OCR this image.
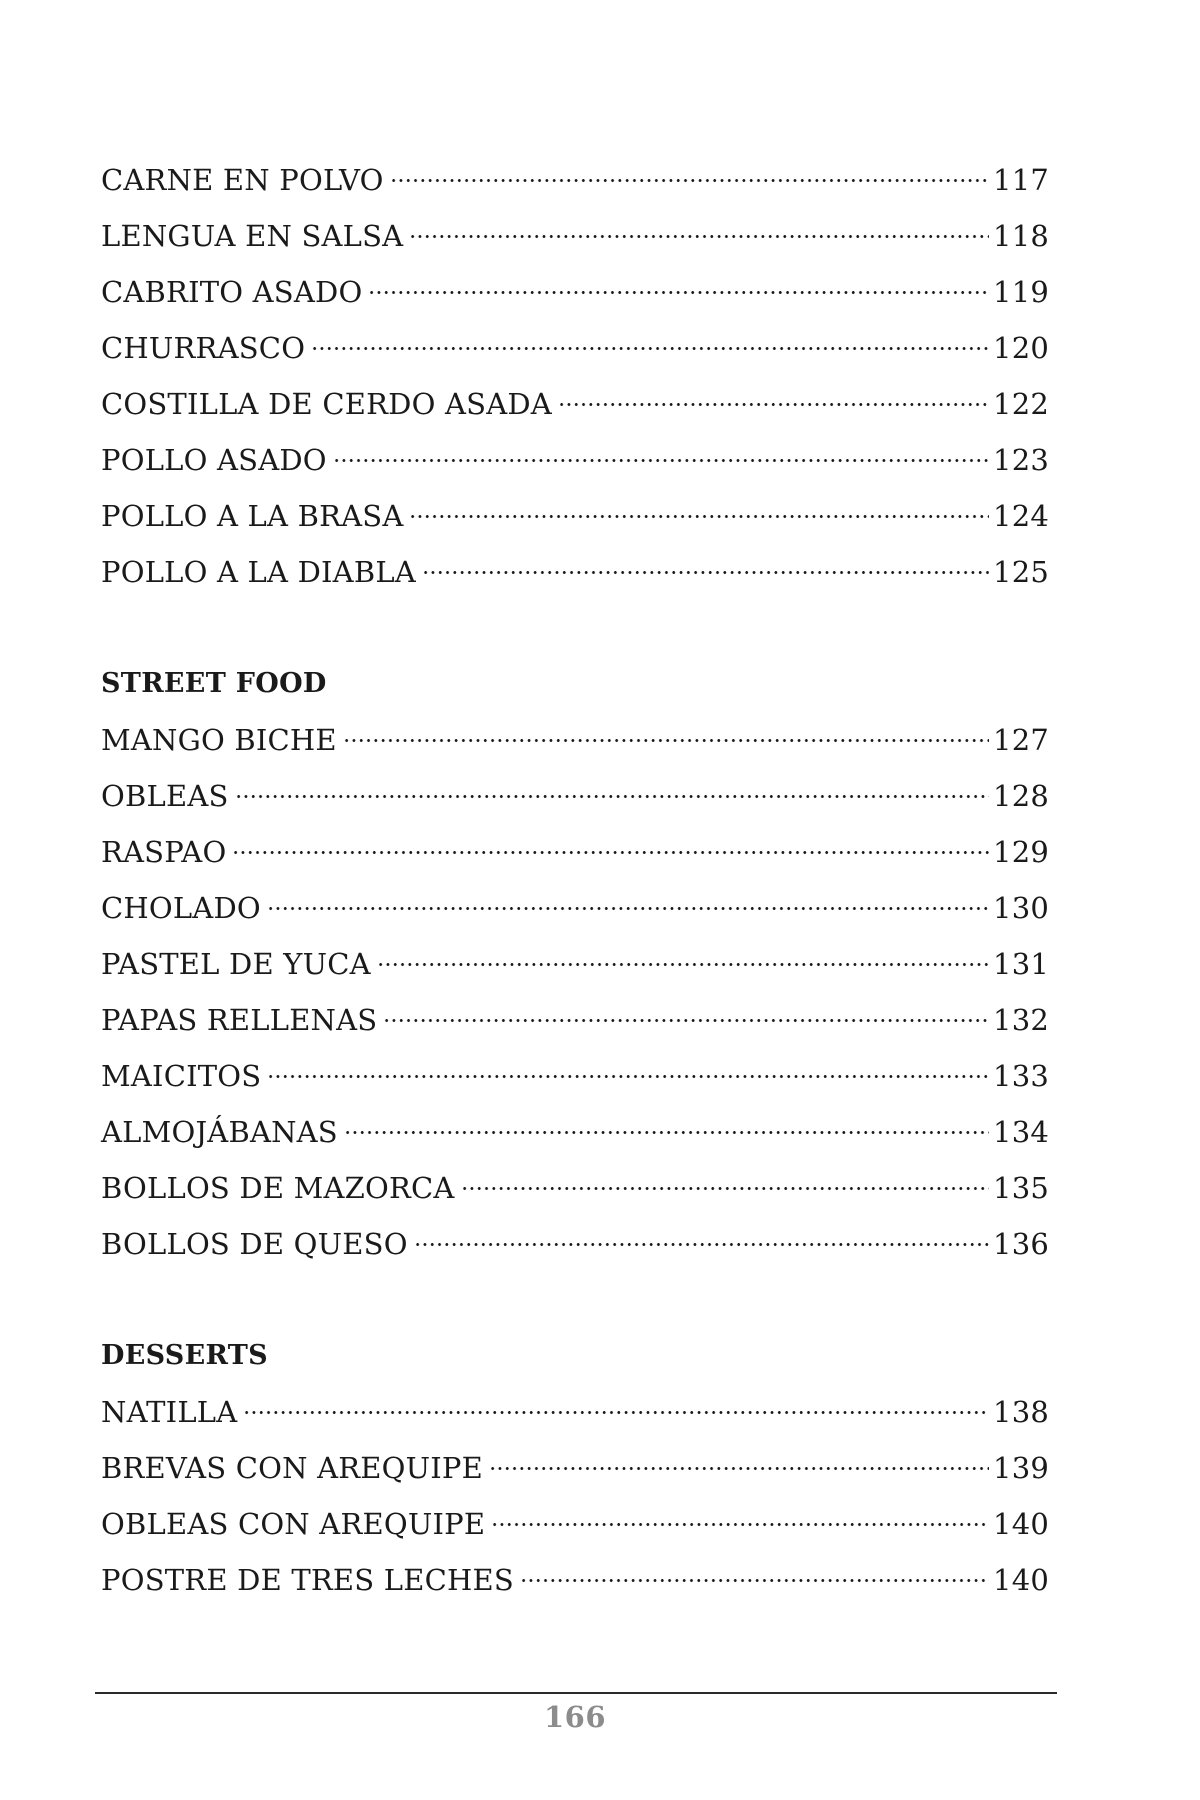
CARNE EN POLVO	117
LENGUA EN SALSA	118
CABRITO ASADO	119
CHURRASCO	120
COSTILLA DE CERDO ASADA	122
POLLO ASADO	123
POLLO A LA BRASA	124
POLLO A LA DIABLA	125
STREET FOOD
MANGO BICHE	127
OBLEAS	128
RASPAO	129
CHOLADO	130
PASTEL DE YUCA	131
PAPAS RELLENAS	132
MAICITOS	133
ALMOJÁBANAS	134
BOLLOS DE MAZORCA	135
BOLLOS DE QUESO	136
DESSERTS
NATILLA	138
BREVAS CON AREQUIPE	139
OBLEAS CON AREQUIPE	140
POSTRE DE TRES LECHES	140
166
